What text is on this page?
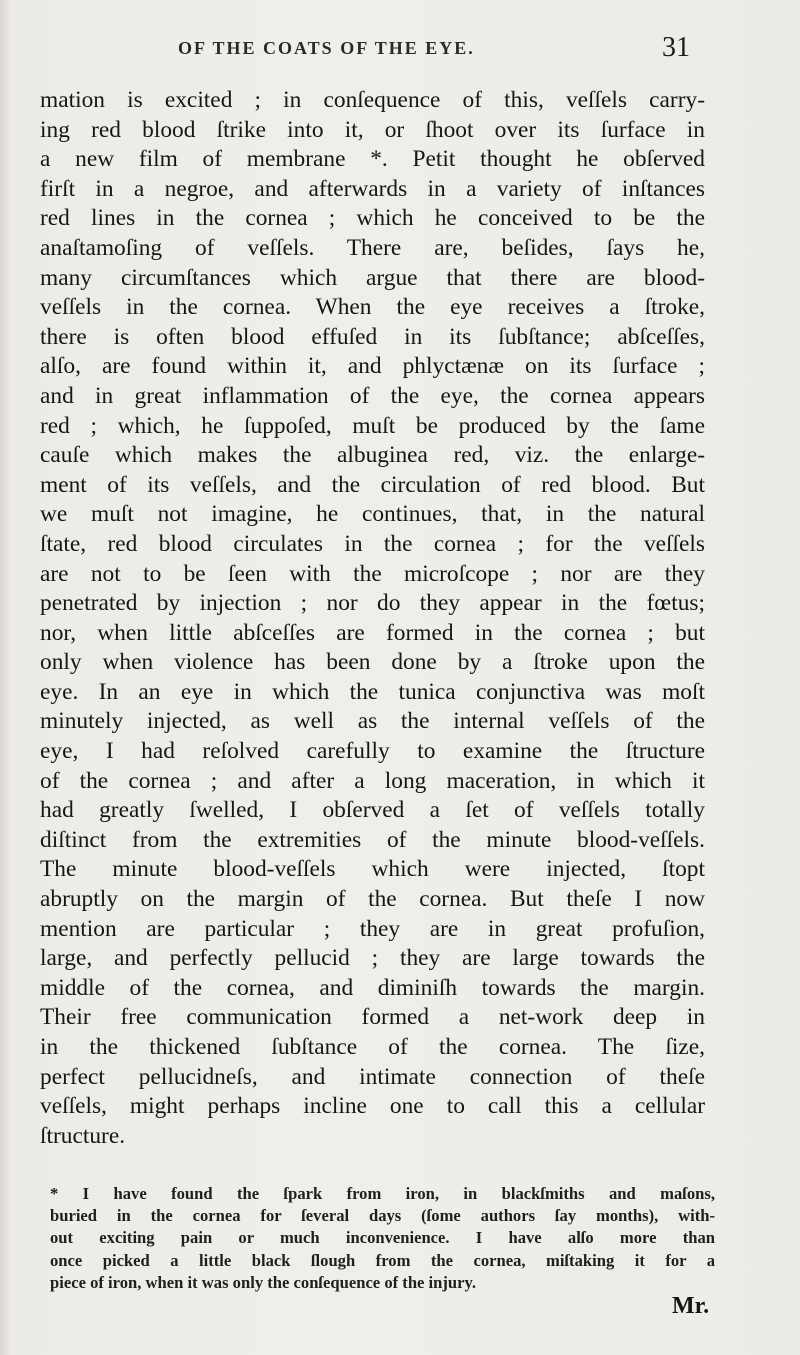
OF THE COATS OF THE EYE.	31
mation is excited ; in conſequence of this, veſſels carry-
ing red blood ſtrike into it, or ſhoot over its ſurface in
a new film of membrane *. Petit thought he obſerved
firſt in a negroe, and afterwards in a variety of inſtances
red lines in the cornea ; which he conceived to be the
anaſtamoſing of veſſels. There are, beſides, ſays he,
many circumſtances which argue that there are blood-
veſſels in the cornea. When the eye receives a ſtroke,
there is often blood effuſed in its ſubſtance; abſceſſes,
alſo, are found within it, and phlyctænæ on its ſurface ;
and in great inflammation of the eye, the cornea appears
red ; which, he ſuppoſed, muſt be produced by the ſame
cauſe which makes the albuginea red, viz. the enlarge-
ment of its veſſels, and the circulation of red blood. But
we muſt not imagine, he continues, that, in the natural
ſtate, red blood circulates in the cornea ; for the veſſels
are not to be ſeen with the microſcope ; nor are they
penetrated by injection ; nor do they appear in the fœtus;
nor, when little abſceſſes are formed in the cornea ; but
only when violence has been done by a ſtroke upon the
eye. In an eye in which the tunica conjunctiva was moſt
minutely injected, as well as the internal veſſels of the
eye, I had reſolved carefully to examine the ſtructure
of the cornea ; and after a long maceration, in which it
had greatly ſwelled, I obſerved a ſet of veſſels totally
diſtinct from the extremities of the minute blood-veſſels.
The minute blood-veſſels which were injected, ſtopt
abruptly on the margin of the cornea. But theſe I now
mention are particular ; they are in great profuſion,
large, and perfectly pellucid ; they are large towards the
middle of the cornea, and diminiſh towards the margin.
Their free communication formed a net-work deep in
in the thickened ſubſtance of the cornea. The ſize,
perfect pellucidneſs, and intimate connection of theſe
veſſels, might perhaps incline one to call this a cellular
ſtructure.
* I have found the ſpark from iron, in blackſmiths and maſons,
buried in the cornea for ſeveral days (ſome authors ſay months), with-
out exciting pain or much inconvenience. I have alſo more than
once picked a little black ſlough from the cornea, miſtaking it for a
piece of iron, when it was only the conſequence of the injury.
Mr.
